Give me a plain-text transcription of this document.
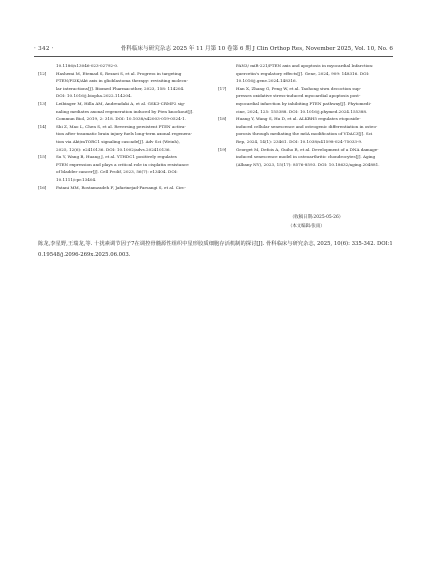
· 342 ·	骨科临床与研究杂志 2025 年 11 月第 10 卷第 6 期 J Clin Orthop Res, November 2025, Vol. 10, No. 6
10.1186/s13046-023-02792-0.
[12]	Hashemi M, Etemad S, Rezaei S, et al. Progress in targeting
PTEN/PI3K/Akt axis in glioblastoma therapy: revisiting molecu-
lar interactions[J]. Biomed Pharmacother, 2023, 158: 114204.
DOI: 10.1016/j.biopha.2022.114204.
[13]	Leibinger M, Hilla AM, Andreadaki A, et al. GSK3-CRMP2 sig-
naling mediates axonal regeneration induced by Pten knockout[J].
Commun Biol, 2019, 2: 318. DOI: 10.1038/s42003-019-0524-1.
[14]	Shi Z, Mao L, Chen S, et al. Reversing persistent PTEN activa-
tion after traumatic brain injury fuels long-term axonal regenera-
tion via Akt/mTORC1 signaling cascade[J]. Adv Sci (Weinh),
2025, 12(6): e2410136. DOI: 10.1002/advs.202410136.
[15]	Su Y, Wang B, Huang J, et al. YTHDC1 positively regulates
PTEN expression and plays a critical role in cisplatin resistance
of bladder cancer[J]. Cell Prolif, 2023, 56(7): e13404. DOI:
10.1111/cpr.13404.
[16]	Fatani MM, Rostamzadeh F, Jafarinejad-Farsangi S, et al. Circ-
PAN3/ miR-221/PTEN axis and apoptosis in myocardial Infarction:
quercetin's regulatory effects[J]. Gene, 2024, 909: 148316. DOI:
10.1016/j.gene.2024.148316.
[17]	Han X, Zhang G, Peng W, et al. Taohong siwu decoction sup-
presses oxidative stress-induced myocardial apoptosis post-
myocardial infarction by inhibiting PTEN pathway[J]. Phytomedi-
cine, 2024, 125: 155388. DOI: 10.1016/j.phymed.2024.155388.
[18]	Huang Y, Wang S, Hu D, et al. ALKBH5 regulates etoposide-
induced cellular senescence and osteogenic differentiation in osteo-
porosis through mediating the m6A modification of VDAC3[J]. Sci
Rep, 2024, 14(1): 23461. DOI: 10.1038/s41598-024-75033-9.
[19]	Georget M, Defois A, Guiho R, et al. Development of a DNA damage-
induced senescence model in osteoarthritic chondrocytes[J]. Aging
(Albany NY), 2023, 15(17): 8576-8593. DOI: 10.18632/aging.204881.
（收稿日期:2025-05-26）
（本文编辑:张雨）
陈龙,李星野,王瑞龙,等. 十扰素调节因子7在调控骨髓源性组织中星形胶质细胞存活机制的探讨[J]. 骨科临床与研究杂志, 2025, 10(6): 335-342. DOI:10.19548/j.2096-269x.2025.06.003.
